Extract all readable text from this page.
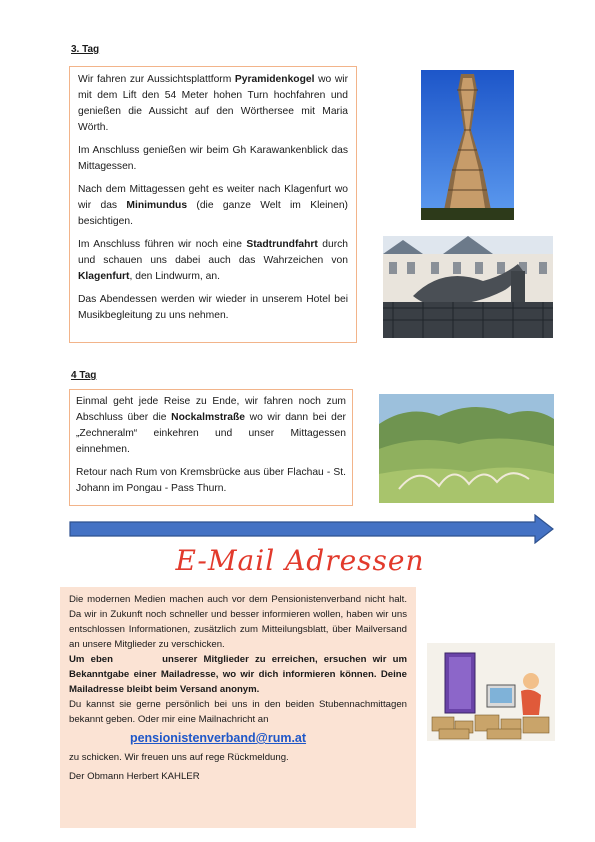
3. Tag

Wir fahren zur Aussichtsplattform Pyramidenkogel wo wir mit dem Lift den 54 Meter hohen Turn hochfahren und genießen die Aussicht auf den Wörthersee mit Maria Wörth.

Im Anschluss genießen wir beim Gh Karawankenblick das Mittagessen.

Nach dem Mittagessen geht es weiter nach Klagenfurt wo wir das Minimundus (die ganze Welt im Kleinen) besichtigen.

Im Anschluss führen wir noch eine Stadtrundfahrt durch und schauen uns dabei auch das Wahrzeichen von Klagenfurt, den Lindwurm, an.

Das Abendessen werden wir wieder in unserem Hotel bei Musikbegleitung zu uns nehmen.

4 Tag

Einmal geht jede Reise zu Ende, wir fahren noch zum Abschluss über die Nockalmstraße wo wir dann bei der „Zechneralm“ einkehren und unser Mittagessen einnehmen.

Retour nach Rum von Kremsbrücke aus über Flachau - St. Johann im Pongau - Pass Thurn.

E-Mail Adressen

Die modernen Medien machen auch vor dem Pensionistenverband nicht halt. Da wir in Zukunft noch schneller und besser informieren wollen, haben wir uns entschlossen Informationen, zusätzlich zum Mitteilungsblatt, über Mailversand an unsere Mitglieder zu verschicken.

Um eben        unserer Mitglieder zu erreichen, ersuchen wir um Bekanntgabe einer Mailadresse, wo wir dich informieren können. Deine Mailadresse bleibt beim Versand anonym.

Du kannst sie gerne persönlich bei uns in den beiden Stubennachmittagen bekannt geben. Oder mir eine Mailnachricht an

pensionistenverband@rum.at

zu schicken. Wir freuen uns auf rege Rückmeldung.

Der Obmann Herbert KAHLER
